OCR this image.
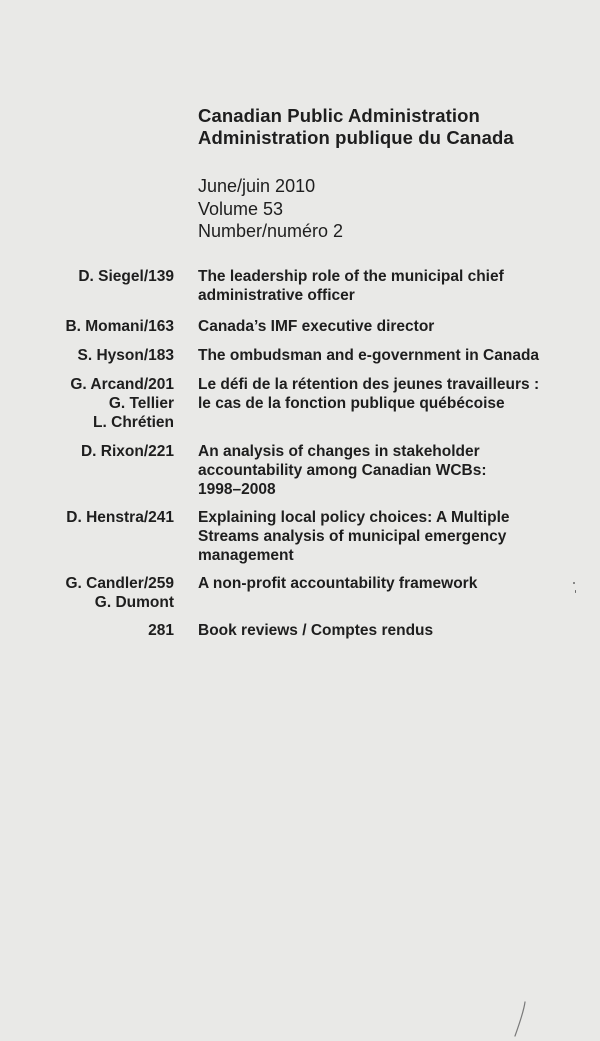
Canadian Public Administration

Administration publique du Canada

June/juin 2010
Volume 53
Number/numéro 2
D. Siegel/139 The leadership role of the municipal chief
administrative officer
B. Momani/163 Canada’s IMF executive director
S. Hyson/183 The ombudsman and e-government in Canada
G. Arcand/201
G. Tellier
L. Chrétien
Le défi de la rétention des jeunes travailleurs :
le cas de la fonction publique québécoise
D. Rixon/221 An analysis of changes in stakeholder
accountability among Canadian WCBs:
1998–2008
D. Henstra/241 Explaining local policy choices: A Multiple
Streams analysis of municipal emergency
management
G. Candler/259
G. Dumont
A non-profit accountability framework
281 Book reviews / Comptes rendus
